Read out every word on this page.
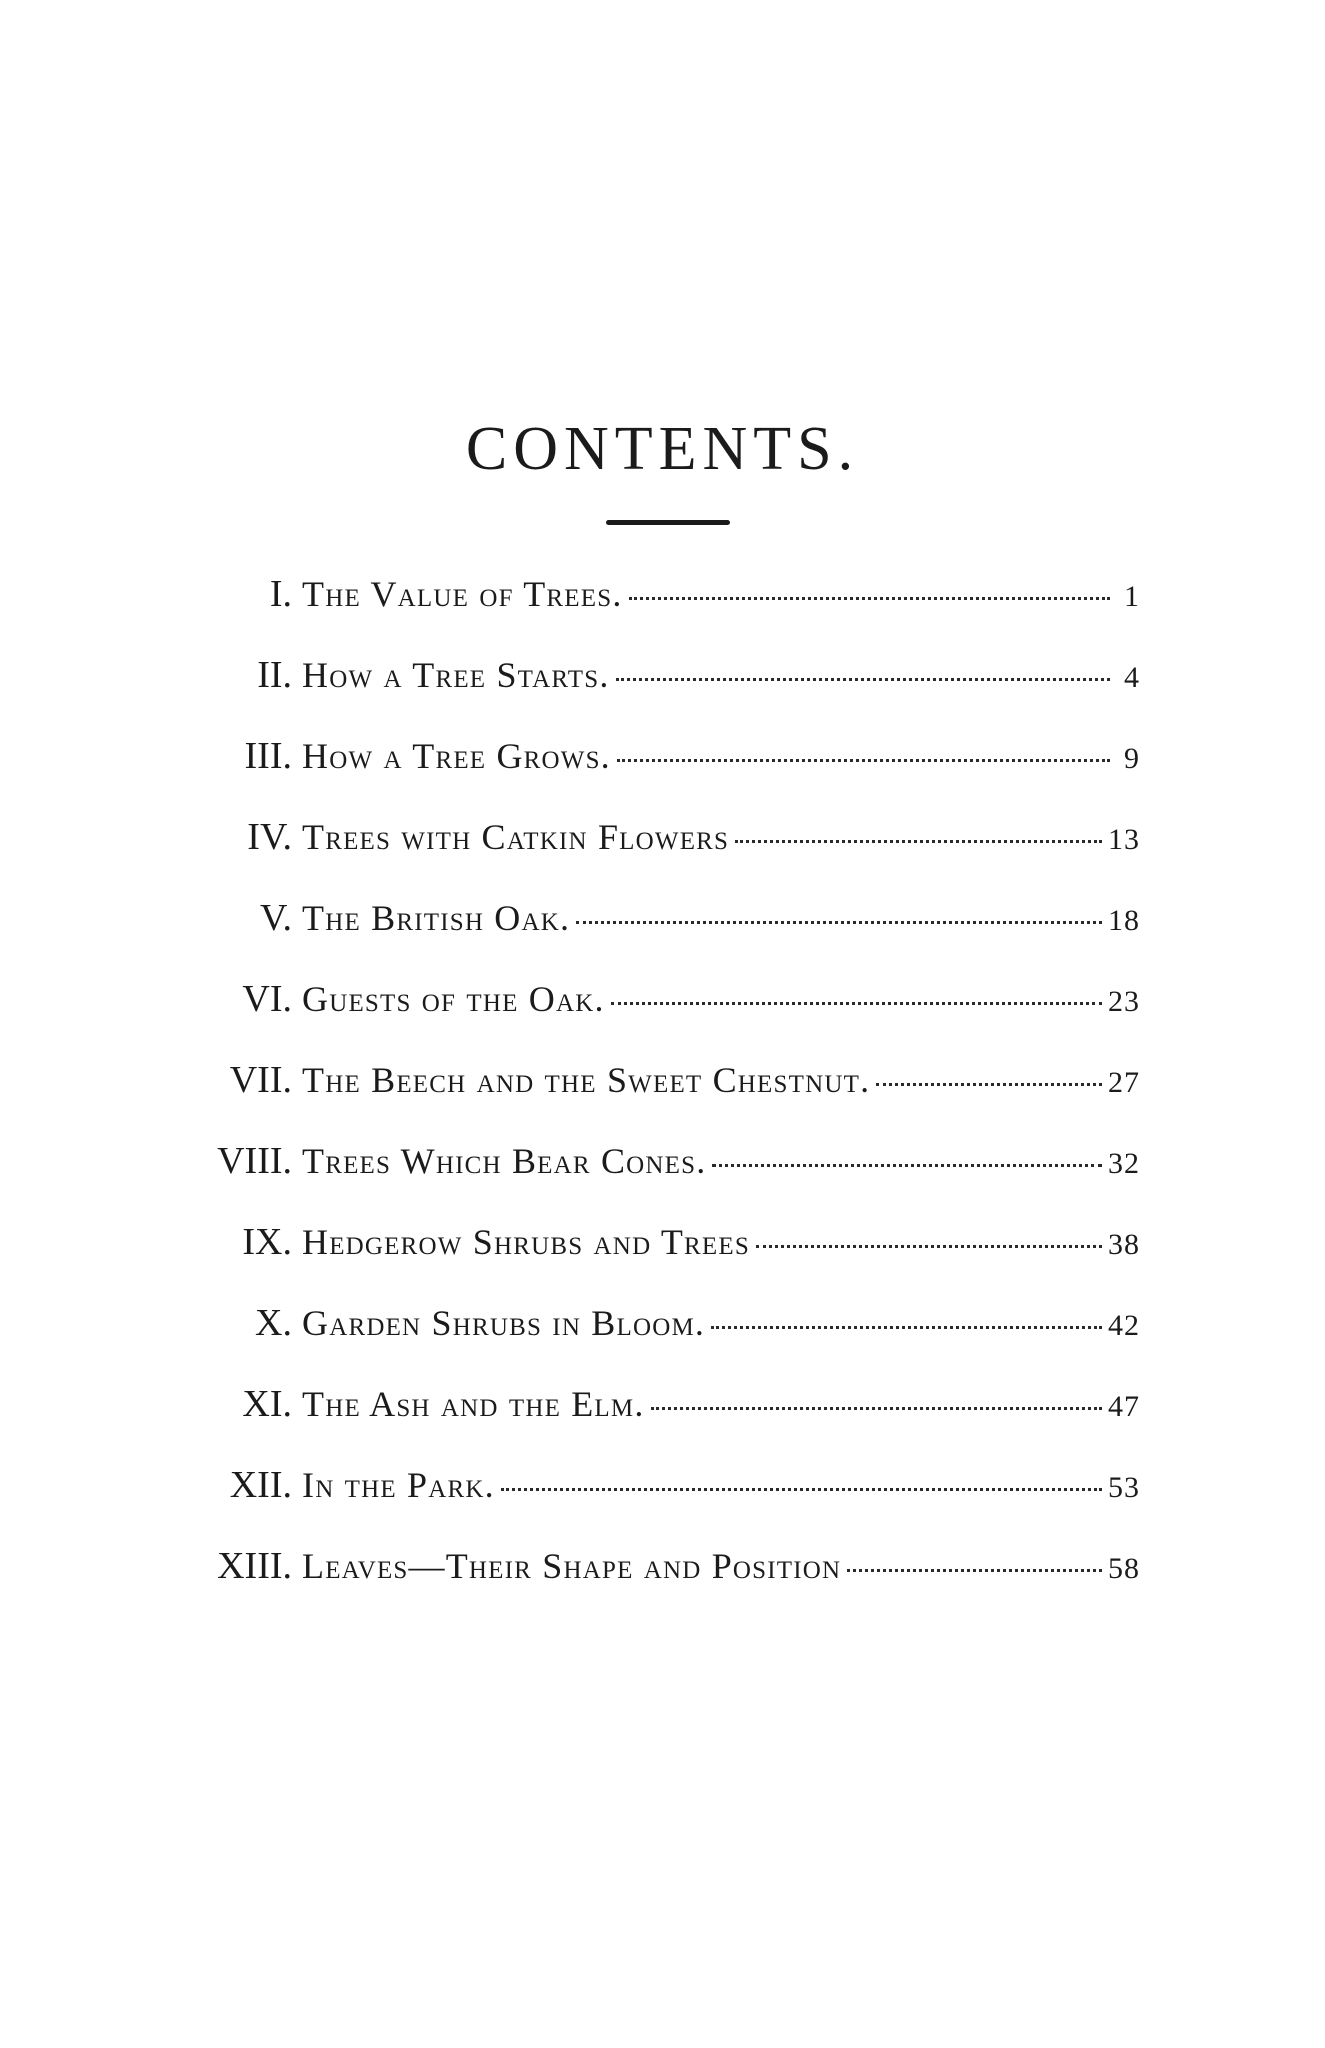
CONTENTS.
I. The Value of Trees.	1
II. How a Tree Starts.	4
III. How a Tree Grows.	9
IV. Trees with Catkin Flowers	13
V. The British Oak.	18
VI. Guests of the Oak.	23
VII. The Beech and the Sweet Chestnut.	27
VIII. Trees Which Bear Cones.	32
IX. Hedgerow Shrubs and Trees	38
X. Garden Shrubs in Bloom.	42
XI. The Ash and the Elm.	47
XII. In the Park.	53
XIII. Leaves—Their Shape and Position	58
